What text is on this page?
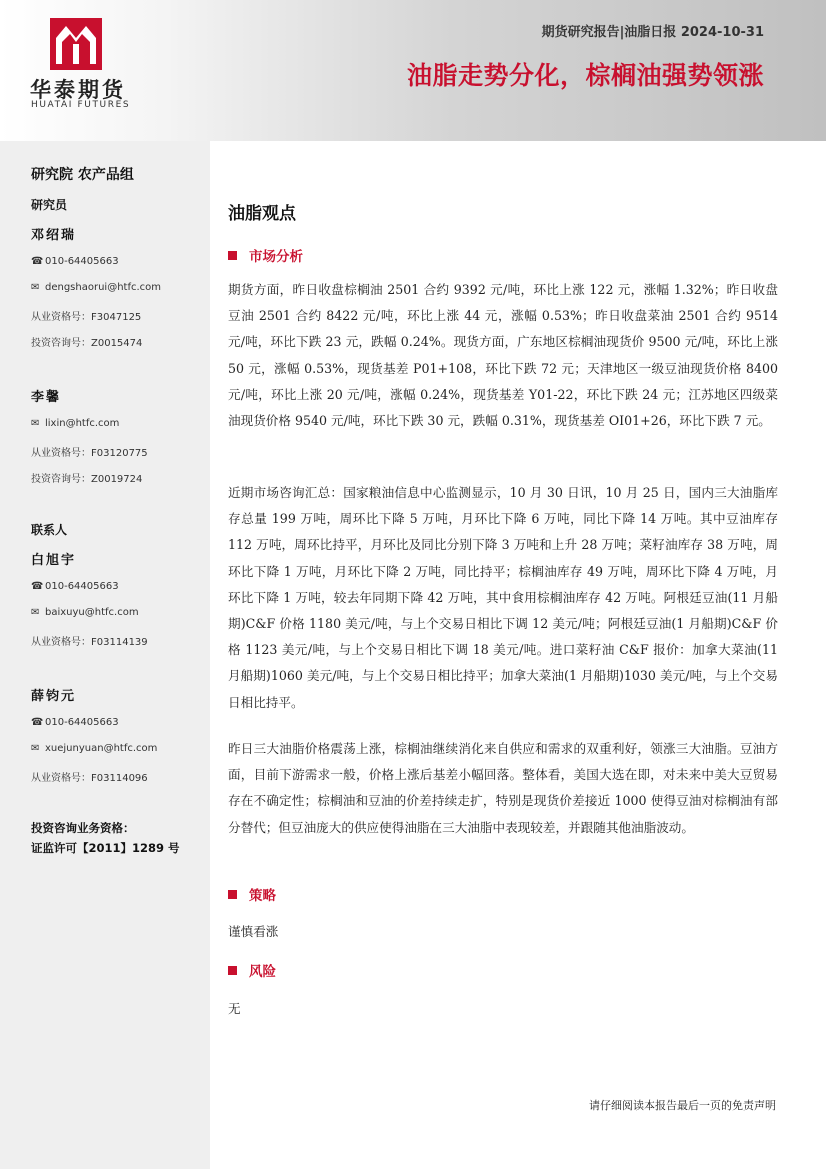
华泰期货
HUATAI FUTURES
期货研究报告|油脂日报 2024-10-31
油脂走势分化，棕榈油强势领涨
研究院 农产品组
研究员
邓绍瑞
☎ 010-64405663
✉ dengshaorui@htfc.com
从业资格号：F3047125
投资咨询号：Z0015474
李馨
✉ lixin@htfc.com
从业资格号：F03120775
投资咨询号：Z0019724
联系人
白旭宇
☎ 010-64405663
✉ baixuyu@htfc.com
从业资格号：F03114139
薛钧元
☎ 010-64405663
✉ xuejunyuan@htfc.com
从业资格号：F03114096
投资咨询业务资格：
证监许可【2011】1289 号
油脂观点
市场分析
期货方面，昨日收盘棕榈油 2501 合约 9392 元/吨，环比上涨 122 元，涨幅 1.32%；昨日收盘豆油 2501 合约 8422 元/吨，环比上涨 44 元，涨幅 0.53%；昨日收盘菜油 2501 合约 9514 元/吨，环比下跌 23 元，跌幅 0.24%。现货方面，广东地区棕榈油现货价 9500 元/吨，环比上涨 50 元，涨幅 0.53%，现货基差 P01+108，环比下跌 72 元；天津地区一级豆油现货价格 8400 元/吨，环比上涨 20 元/吨，涨幅 0.24%，现货基差 Y01-22，环比下跌 24 元；江苏地区四级菜油现货价格 9540 元/吨，环比下跌 30 元，跌幅 0.31%，现货基差 OI01+26，环比下跌 7 元。
近期市场咨询汇总：国家粮油信息中心监测显示，10 月 30 日讯，10 月 25 日，国内三大油脂库存总量 199 万吨，周环比下降 5 万吨，月环比下降 6 万吨，同比下降 14 万吨。其中豆油库存 112 万吨，周环比持平，月环比及同比分别下降 3 万吨和上升 28 万吨；菜籽油库存 38 万吨，周环比下降 1 万吨，月环比下降 2 万吨，同比持平；棕榈油库存 49 万吨，周环比下降 4 万吨，月环比下降 1 万吨，较去年同期下降 42 万吨，其中食用棕榈油库存 42 万吨。阿根廷豆油(11 月船期)C&F 价格 1180 美元/吨，与上个交易日相比下调 12 美元/吨；阿根廷豆油(1 月船期)C&F 价格 1123 美元/吨，与上个交易日相比下调 18 美元/吨。进口菜籽油 C&F 报价：加拿大菜油(11 月船期)1060 美元/吨，与上个交易日相比持平；加拿大菜油(1 月船期)1030 美元/吨，与上个交易日相比持平。
昨日三大油脂价格震荡上涨，棕榈油继续消化来自供应和需求的双重利好，领涨三大油脂。豆油方面，目前下游需求一般，价格上涨后基差小幅回落。整体看，美国大选在即，对未来中美大豆贸易存在不确定性；棕榈油和豆油的价差持续走扩，特别是现货价差接近 1000 使得豆油对棕榈油有部分替代；但豆油庞大的供应使得油脂在三大油脂中表现较差，并跟随其他油脂波动。
策略
谨慎看涨
风险
无
请仔细阅读本报告最后一页的免责声明
